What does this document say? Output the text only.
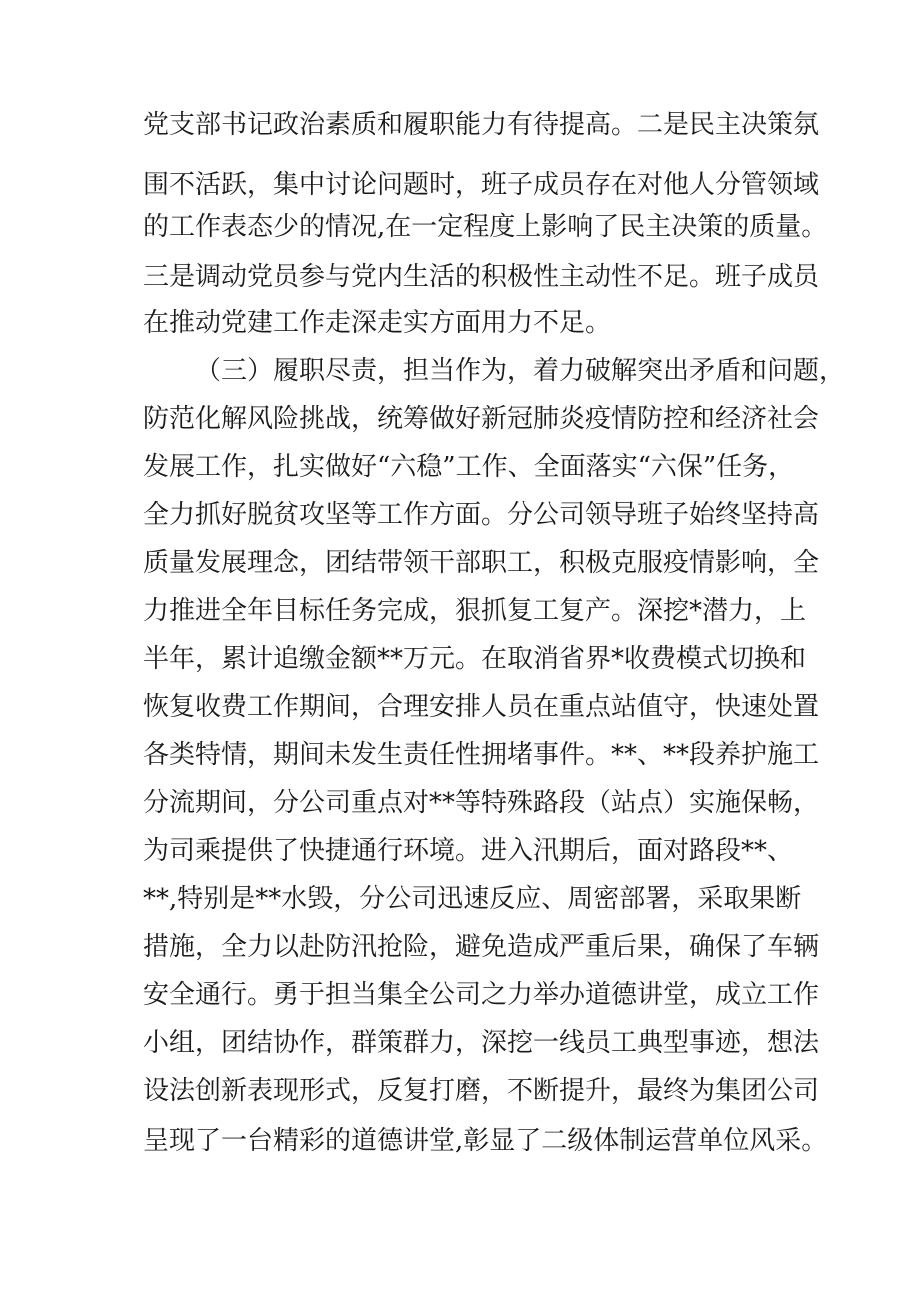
党支部书记政治素质和履职能力有待提高。二是民主决策氛
围不活跃，集中讨论问题时，班子成员存在对他人分管领域
的工作表态少的情况,在一定程度上影响了民主决策的质量。
三是调动党员参与党内生活的积极性主动性不足。班子成员
在推动党建工作走深走实方面用力不足。
（三）履职尽责，担当作为，着力破解突出矛盾和问题，
防范化解风险挑战，统筹做好新冠肺炎疫情防控和经济社会
发展工作，扎实做好“六稳”工作、全面落实“六保”任务，
全力抓好脱贫攻坚等工作方面。分公司领导班子始终坚持高
质量发展理念，团结带领干部职工，积极克服疫情影响，全
力推进全年目标任务完成，狠抓复工复产。深挖*潜力，上
半年，累计追缴金额**万元。在取消省界*收费模式切换和
恢复收费工作期间，合理安排人员在重点站值守，快速处置
各类特情，期间未发生责任性拥堵事件。**、**段养护施工
分流期间，分公司重点对**等特殊路段（站点）实施保畅，
为司乘提供了快捷通行环境。进入汛期后，面对路段**、
**,特别是**水毁，分公司迅速反应、周密部署，采取果断
措施，全力以赴防汛抢险，避免造成严重后果，确保了车辆
安全通行。勇于担当集全公司之力举办道德讲堂，成立工作
小组，团结协作，群策群力，深挖一线员工典型事迹，想法
设法创新表现形式，反复打磨，不断提升，最终为集团公司
呈现了一台精彩的道德讲堂,彰显了二级体制运营单位风采。
